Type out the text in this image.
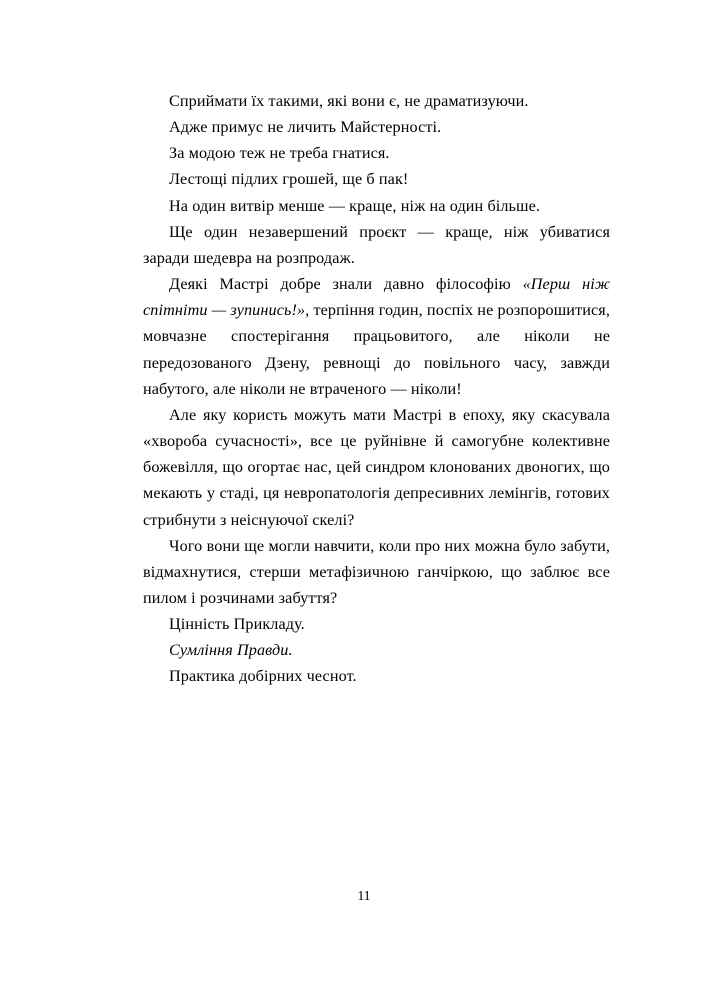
Сприймати їх такими, які вони є, не драматизуючи.

Адже примус не личить Майстерності.

За модою теж не треба гнатися.

Лестощі підлих грошей, ще б пак!

На один витвір менше — краще, ніж на один більше.

Ще один незавершений проєкт — краще, ніж убиватися заради шедевра на розпродаж.

Деякі Мастрі добре знали давно філософію «Перш ніж спітніти — зупинись!», терпіння годин, поспіх не розпорошитися, мовчазне спостерігання працьовитого, але ніколи не передозованого Дзену, ревнощі до повільного часу, завжди набутого, але ніколи не втраченого — ніколи!

Але яку користь можуть мати Мастрі в епоху, яку скасувала «хвороба сучасності», все це руйнівне й самогубне колективне божевілля, що огортає нас, цей синдром клонованих двоногих, що мекають у стаді, ця невропатологія депресивних лемінгів, готових стрибнути з неіснуючої скелі?

Чого вони ще могли навчити, коли про них можна було забути, відмахнутися, стерши метафізичною ганчіркою, що заблює все пилом і розчинами забуття?

Цінність Прикладу.

Сумління Правди.

Практика добірних чеснот.

11
